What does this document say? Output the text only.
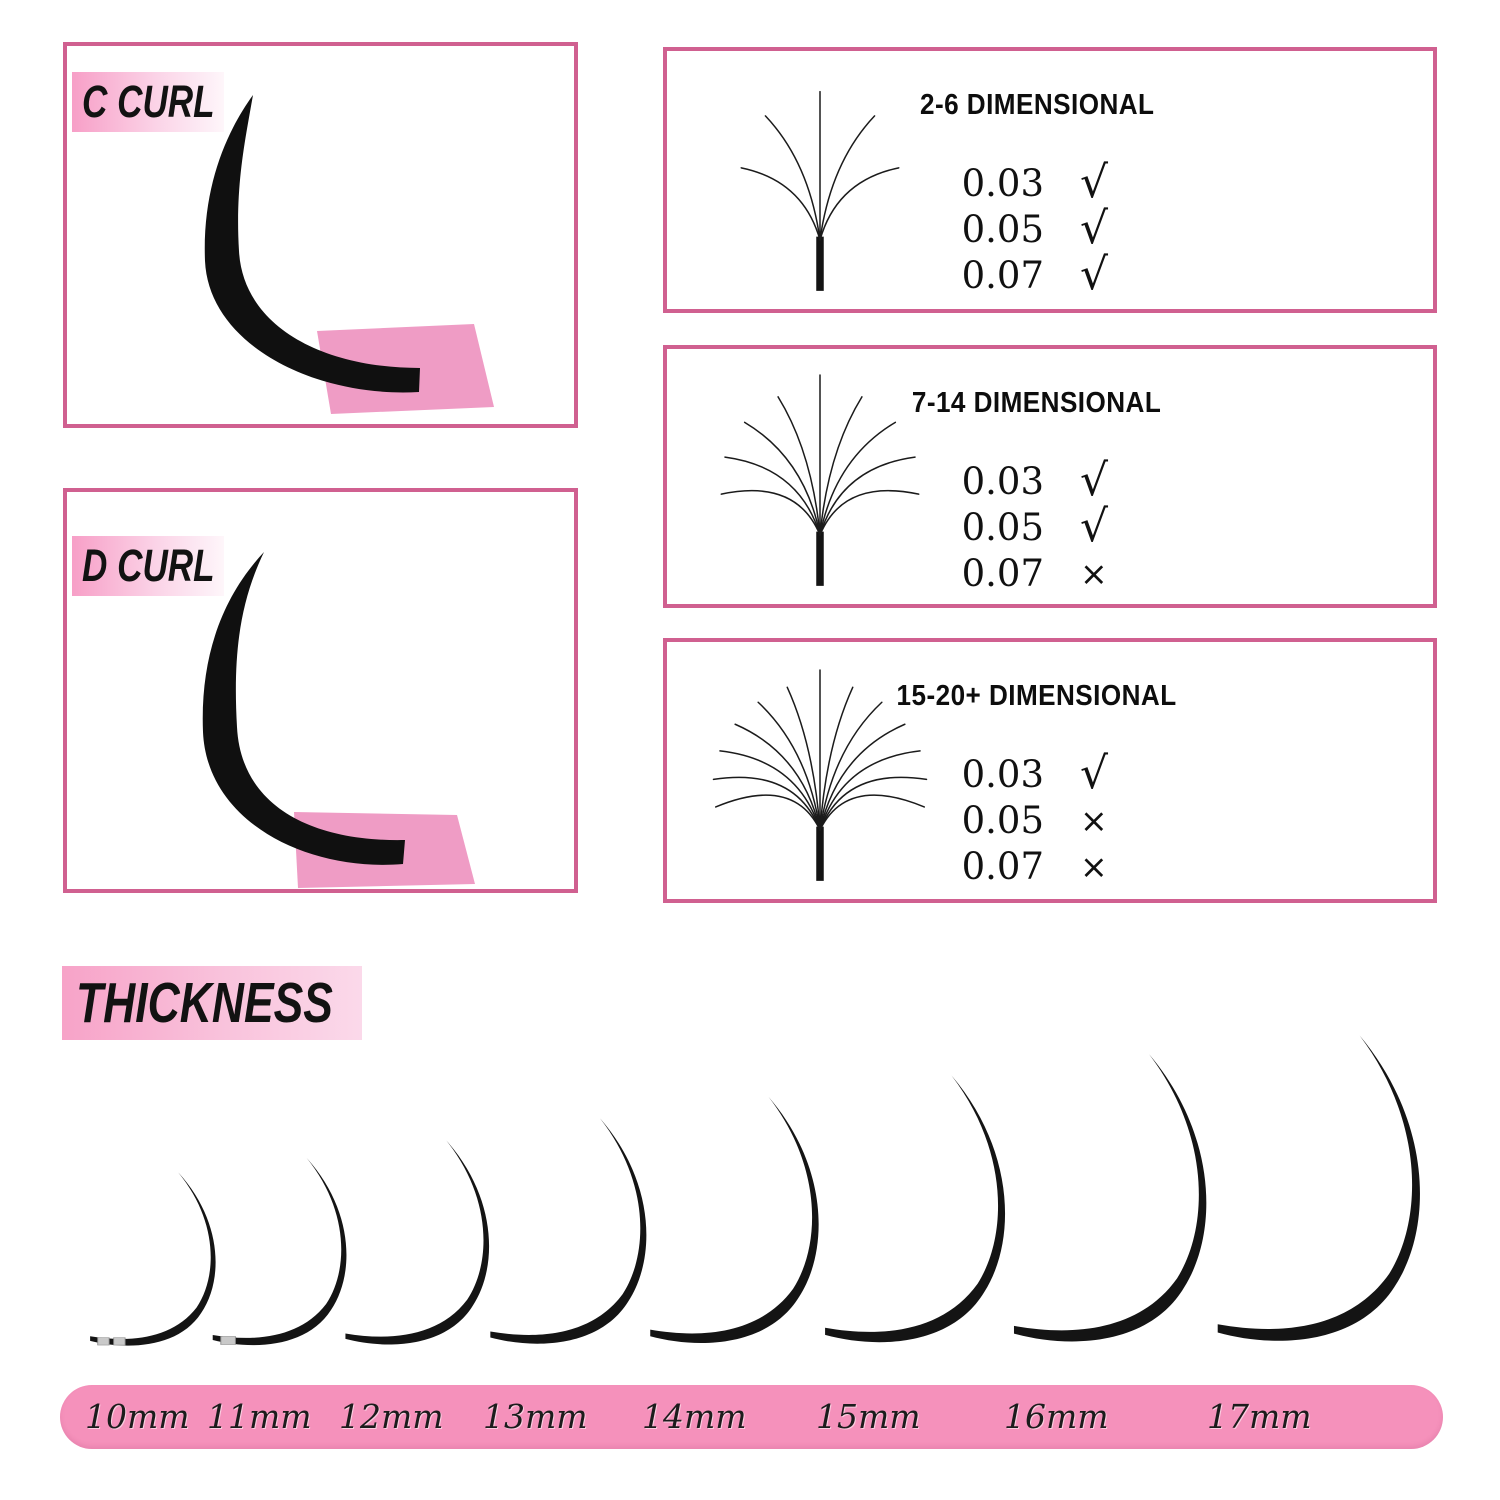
C CURL
D CURL
2-6 DIMENSIONAL
0.03 √
0.05 √
0.07 √
7-14 DIMENSIONAL
0.03 √
0.05 √
0.07 ×
15-20+ DIMENSIONAL
0.03 √
0.05 ×
0.07 ×
THICKNESS
10mm 11mm 12mm	13mm	14mm	15mm	16mm	17mm
